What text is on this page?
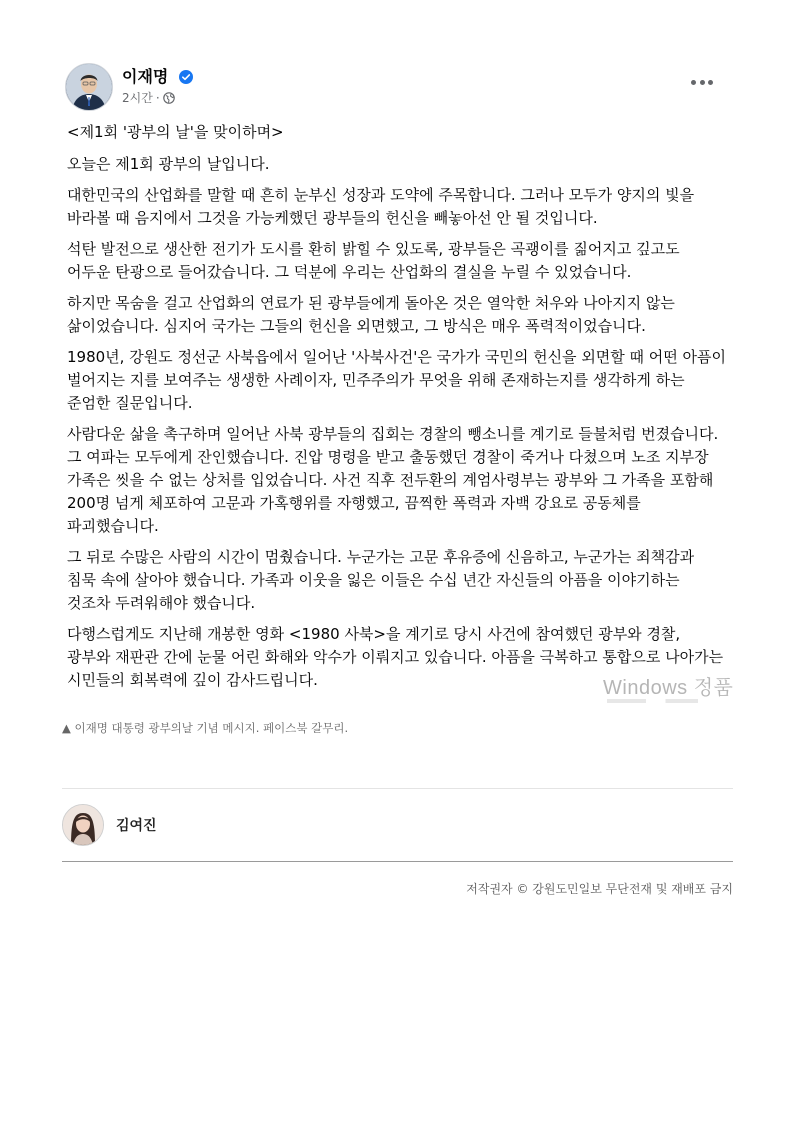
이재명
2시간 ·

<제1회 '광부의 날'을 맞이하며>

오늘은 제1회 광부의 날입니다.

대한민국의 산업화를 말할 때 흔히 눈부신 성장과 도약에 주목합니다. 그러나 모두가 양지의 빛을 바라볼 때 음지에서 그것을 가능케했던 광부들의 헌신을 빼놓아선 안 될 것입니다.

석탄 발전으로 생산한 전기가 도시를 환히 밝힐 수 있도록, 광부들은 곡괭이를 짊어지고 깊고도 어두운 탄광으로 들어갔습니다. 그 덕분에 우리는 산업화의 결실을 누릴 수 있었습니다.

하지만 목숨을 걸고 산업화의 연료가 된 광부들에게 돌아온 것은 열악한 처우와 나아지지 않는 삶이었습니다. 심지어 국가는 그들의 헌신을 외면했고, 그 방식은 매우 폭력적이었습니다.

1980년, 강원도 정선군 사북읍에서 일어난 '사북사건'은 국가가 국민의 헌신을 외면할 때 어떤 아픔이 벌어지는 지를 보여주는 생생한 사례이자, 민주주의가 무엇을 위해 존재하는지를 생각하게 하는 준엄한 질문입니다.

사람다운 삶을 촉구하며 일어난 사북 광부들의 집회는 경찰의 뺑소니를 계기로 들불처럼 번졌습니다. 그 여파는 모두에게 잔인했습니다. 진압 명령을 받고 출동했던 경찰이 죽거나 다쳤으며 노조 지부장 가족은 씻을 수 없는 상처를 입었습니다. 사건 직후 전두환의 계엄사령부는 광부와 그 가족을 포함해 200명 넘게 체포하여 고문과 가혹행위를 자행했고, 끔찍한 폭력과 자백 강요로 공동체를 파괴했습니다.

그 뒤로 수많은 사람의 시간이 멈췄습니다. 누군가는 고문 후유증에 신음하고, 누군가는 죄책감과 침묵 속에 살아야 했습니다. 가족과 이웃을 잃은 이들은 수십 년간 자신들의 아픔을 이야기하는 것조차 두려워해야 했습니다.

다행스럽게도 지난해 개봉한 영화 <1980 사북>을 계기로 당시 사건에 참여했던 광부와 경찰, 광부와 재판관 간에 눈물 어린 화해와 악수가 이뤄지고 있습니다. 아픔을 극복하고 통합으로 나아가는 시민들의 회복력에 깊이 감사드립니다.	Windows 정품
▲ 이재명 대통령 광부의날 기념 메시지. 페이스북 갈무리.
김여진
저작권자 © 강원도민일보 무단전재 및 재배포 금지
